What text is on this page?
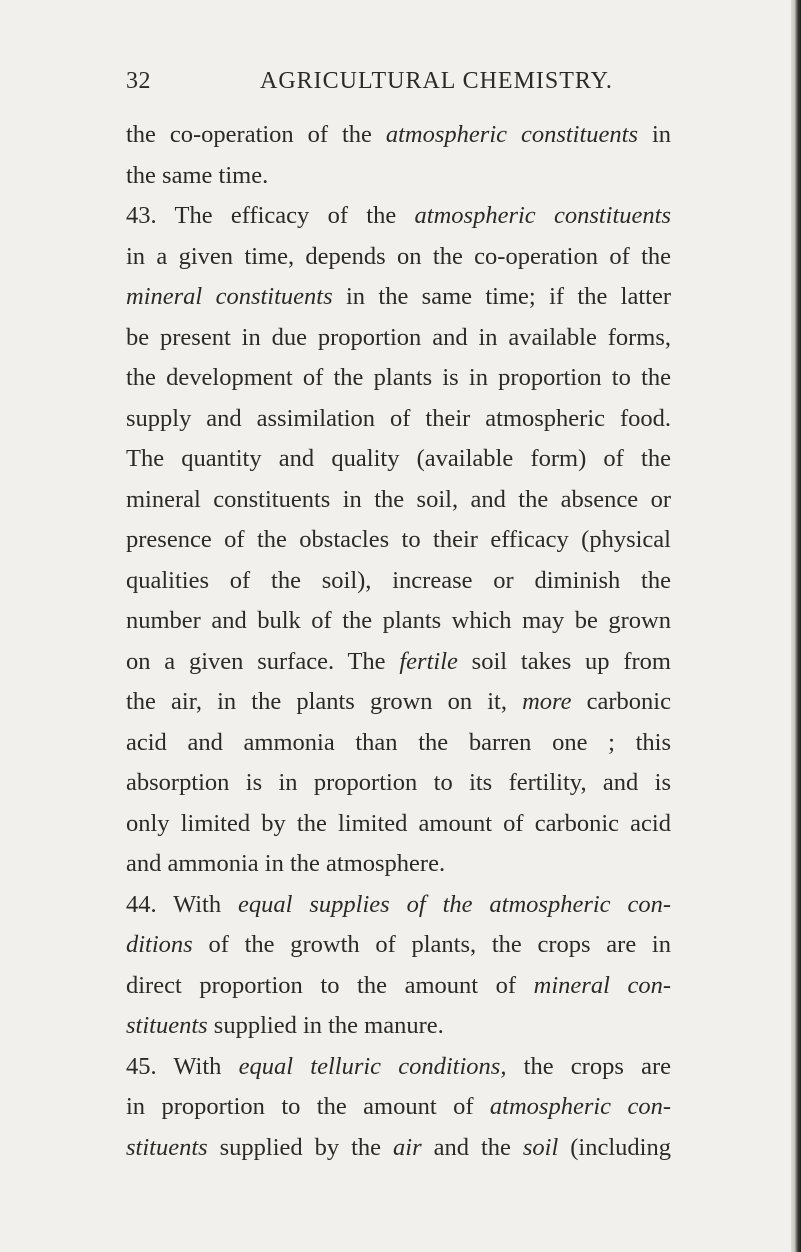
32	AGRICULTURAL CHEMISTRY.
the co-operation of the atmospheric constituents in
the same time.
43. The efficacy of the atmospheric constituents
in a given time, depends on the co-operation of the
mineral constituents in the same time; if the latter
be present in due proportion and in available forms,
the development of the plants is in proportion to the
supply and assimilation of their atmospheric food.
The quantity and quality (available form) of the
mineral constituents in the soil, and the absence or
presence of the obstacles to their efficacy (physical
qualities of the soil), increase or diminish the
number and bulk of the plants which may be grown
on a given surface. The fertile soil takes up from
the air, in the plants grown on it, more carbonic
acid and ammonia than the barren one ; this
absorption is in proportion to its fertility, and is
only limited by the limited amount of carbonic acid
and ammonia in the atmosphere.
44. With equal supplies of the atmospheric con-
ditions of the growth of plants, the crops are in
direct proportion to the amount of mineral con-
stituents supplied in the manure.
45. With equal telluric conditions, the crops are
in proportion to the amount of atmospheric con-
stituents supplied by the air and the soil (including
